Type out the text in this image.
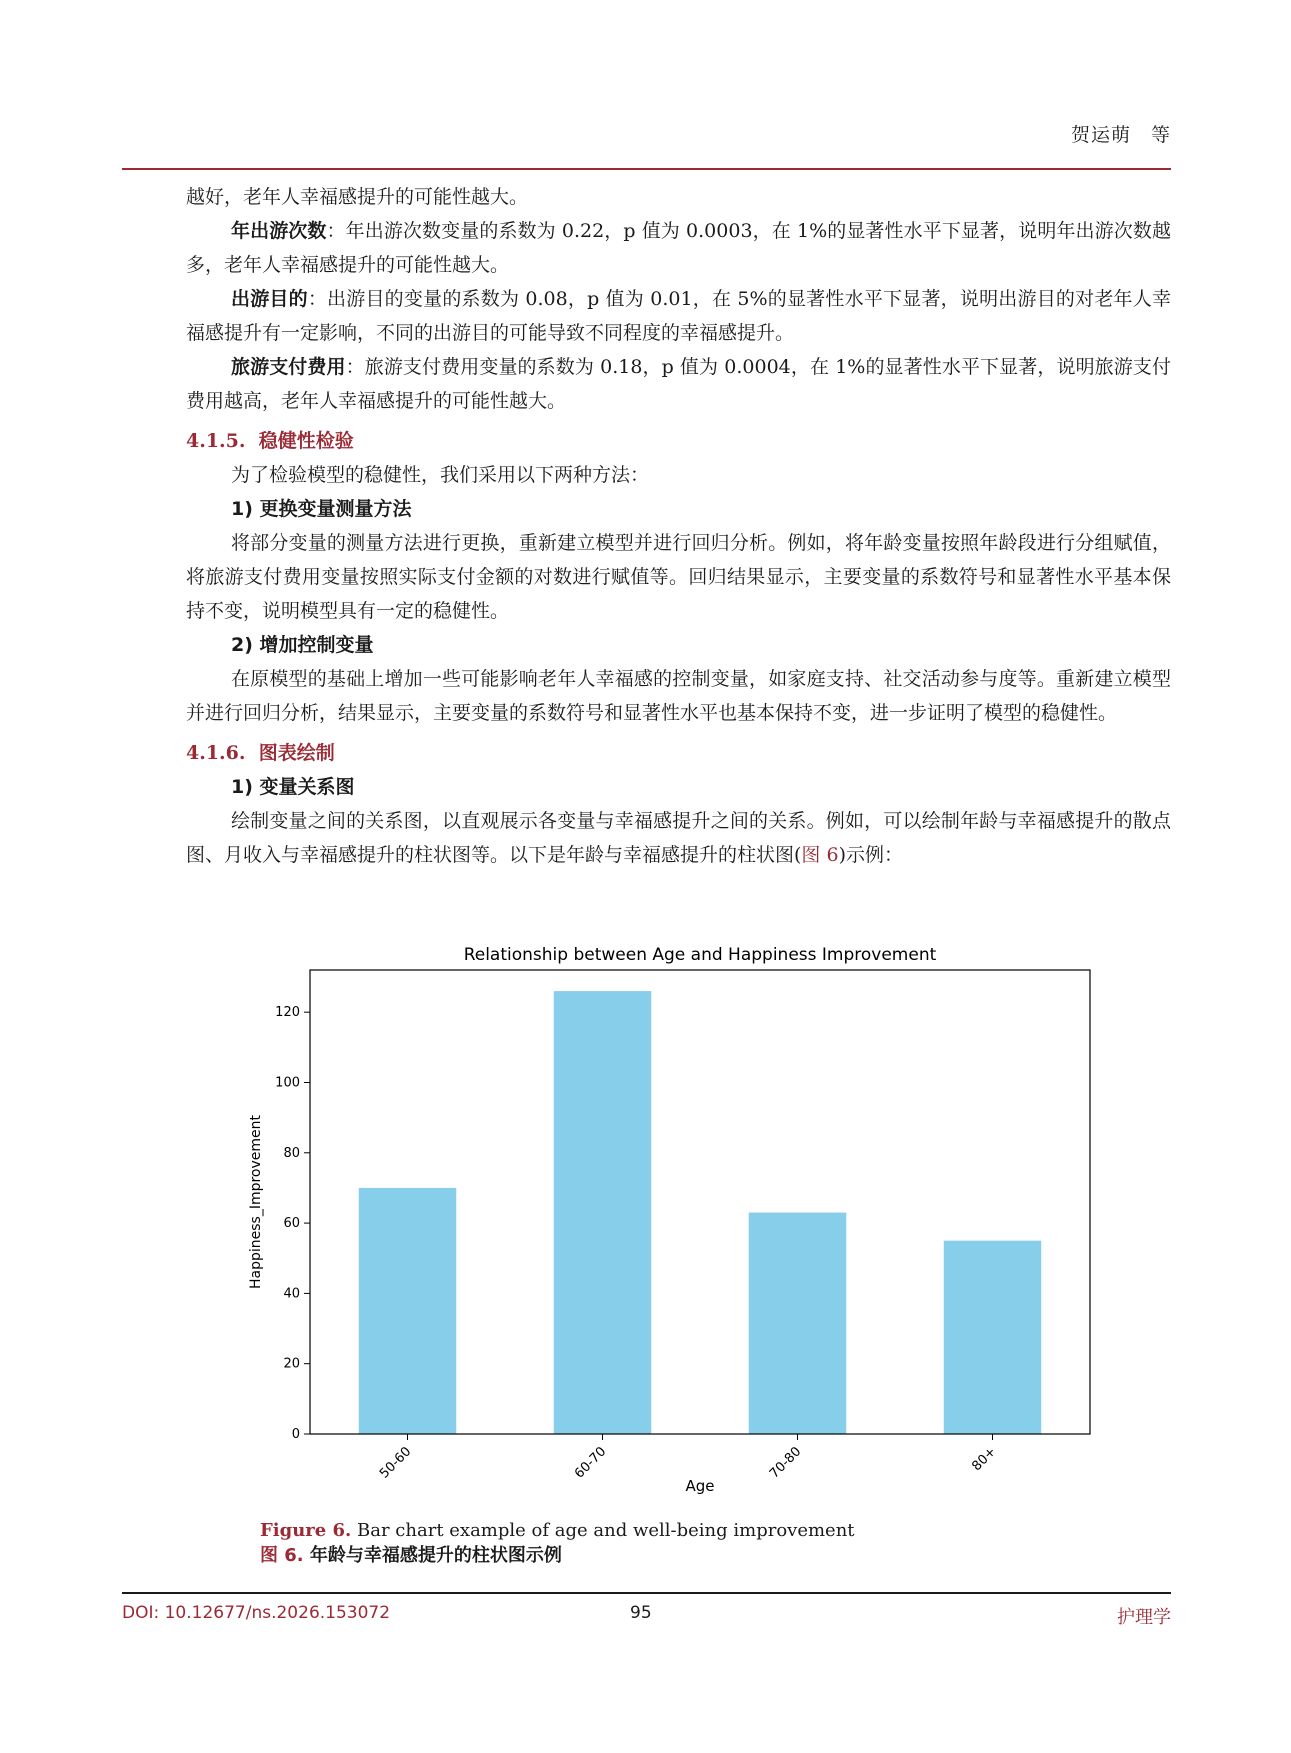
贺运萌　等

越好，老年人幸福感提升的可能性越大。

年出游次数：年出游次数变量的系数为 0.22，p 值为 0.0003，在 1%的显著性水平下显著，说明年出游次数越多，老年人幸福感提升的可能性越大。

出游目的：出游目的变量的系数为 0.08，p 值为 0.01，在 5%的显著性水平下显著，说明出游目的对老年人幸福感提升有一定影响，不同的出游目的可能导致不同程度的幸福感提升。

旅游支付费用：旅游支付费用变量的系数为 0.18，p 值为 0.0004，在 1%的显著性水平下显著，说明旅游支付费用越高，老年人幸福感提升的可能性越大。

4.1.5. 稳健性检验

为了检验模型的稳健性，我们采用以下两种方法：

1) 更换变量测量方法

将部分变量的测量方法进行更换，重新建立模型并进行回归分析。例如，将年龄变量按照年龄段进行分组赋值，将旅游支付费用变量按照实际支付金额的对数进行赋值等。回归结果显示，主要变量的系数符号和显著性水平基本保持不变，说明模型具有一定的稳健性。

2) 增加控制变量

在原模型的基础上增加一些可能影响老年人幸福感的控制变量，如家庭支持、社交活动参与度等。重新建立模型并进行回归分析，结果显示，主要变量的系数符号和显著性水平也基本保持不变，进一步证明了模型的稳健性。

4.1.6. 图表绘制

1) 变量关系图

绘制变量之间的关系图，以直观展示各变量与幸福感提升之间的关系。例如，可以绘制年龄与幸福感提升的散点图、月收入与幸福感提升的柱状图等。以下是年龄与幸福感提升的柱状图(图 6)示例：

Relationship between Age and Happiness Improvement
0
20
40
60
80
100
120
50-60	60-70	70-80	80+
Age
Happiness_Improvement
Figure 6. Bar chart example of age and well-being improvement
图 6. 年龄与幸福感提升的柱状图示例
DOI: 10.12677/ns.2026.153072	95	护理学
